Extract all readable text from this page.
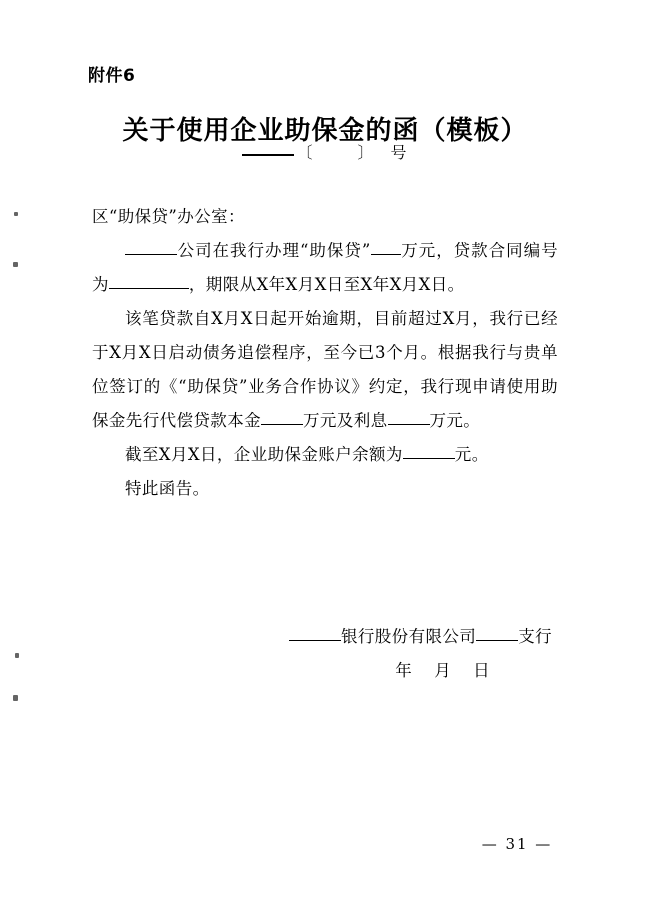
附件6
关于使用企业助保金的函（模板）
〔	〕 号

区“助保贷”办公室：

公司在我行办理“助保贷” 万元，贷款合同编号为	，期限从X年X月X日至X年X月X日。

该笔贷款自X月X日起开始逾期，目前超过X月，我行已经于X月X日启动债务追偿程序，至今已3个月。根据我行与贵单位签订的《“助保贷”业务合作协议》约定，我行现申请使用助保金先行代偿贷款本金	万元及利息	万元。

截至X月X日，企业助保金账户余额为	元。

特此函告。

银行股份有限公司	支行
年 月 日
— 31 —
